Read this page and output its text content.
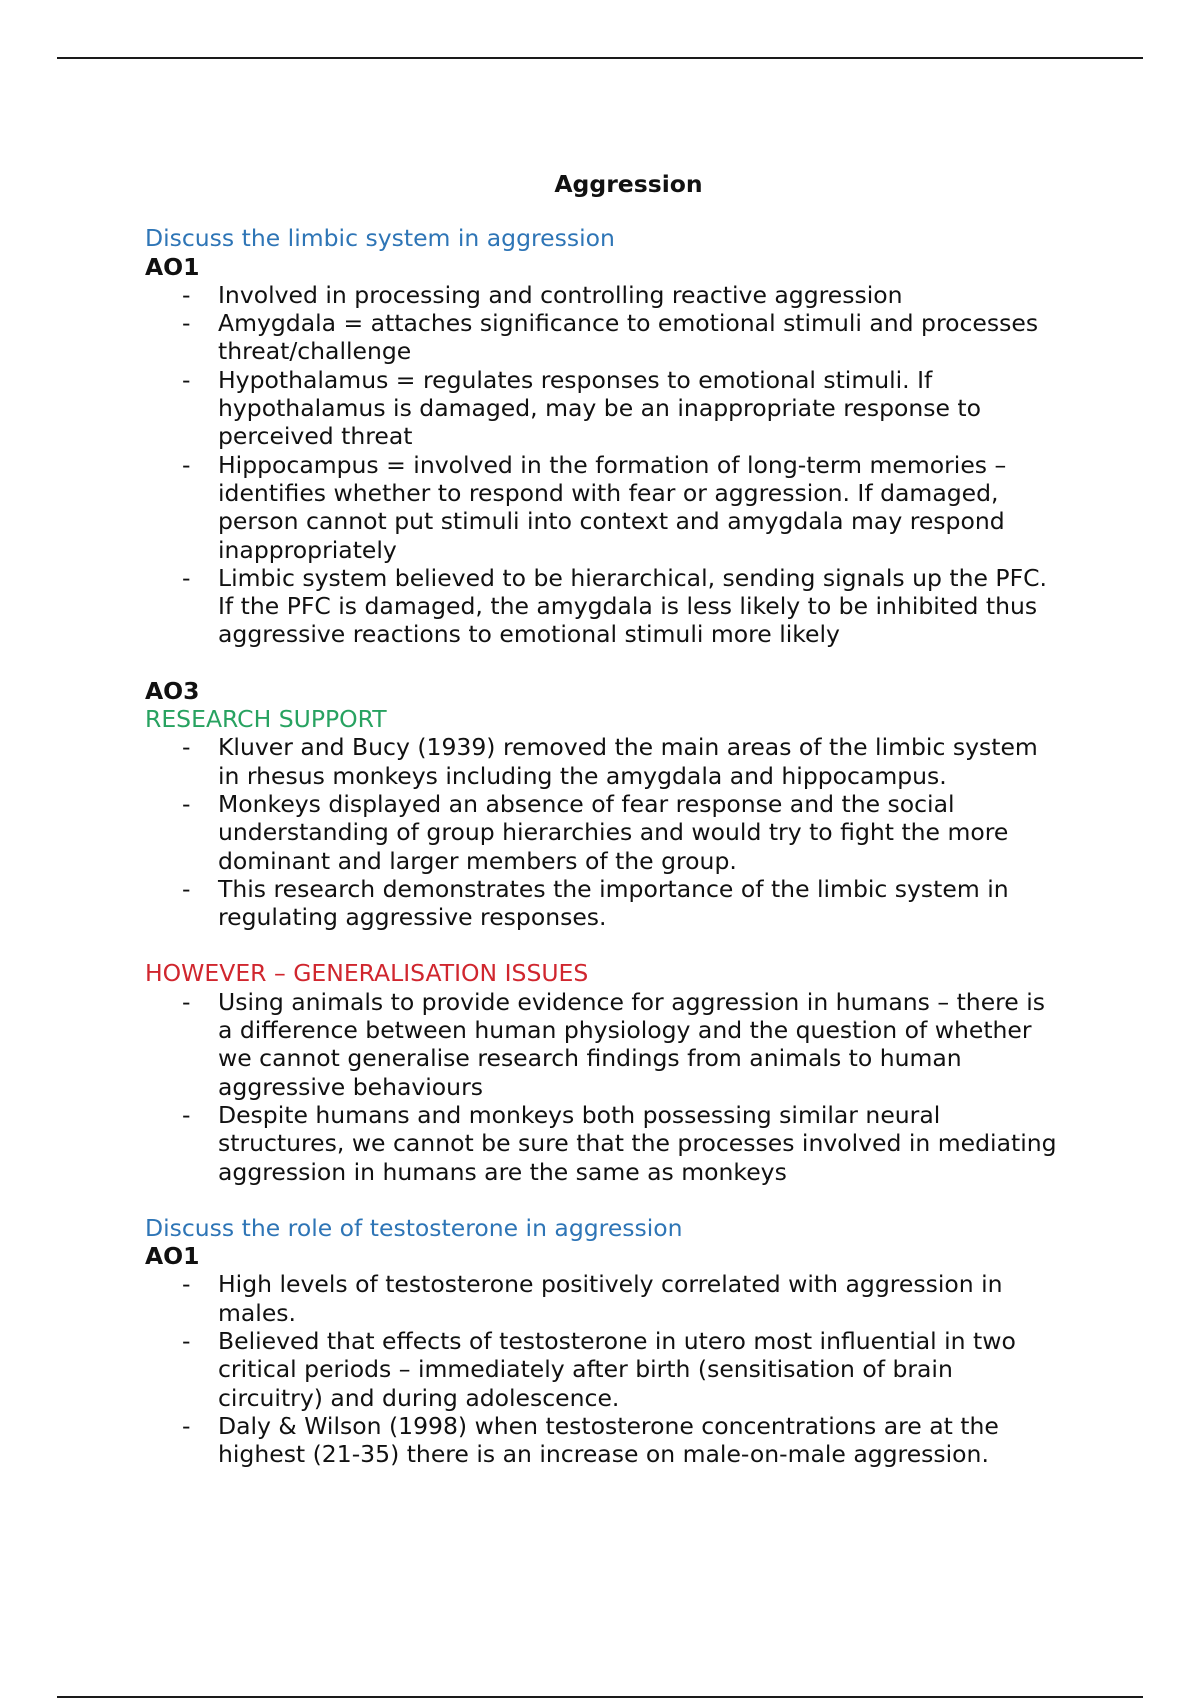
Aggression

Discuss the limbic system in aggression

AO1

- Involved in processing and controlling reactive aggression
- Amygdala = attaches significance to emotional stimuli and processes threat/challenge
- Hypothalamus = regulates responses to emotional stimuli. If hypothalamus is damaged, may be an inappropriate response to perceived threat
- Hippocampus = involved in the formation of long-term memories – identifies whether to respond with fear or aggression. If damaged, person cannot put stimuli into context and amygdala may respond inappropriately
- Limbic system believed to be hierarchical, sending signals up the PFC. If the PFC is damaged, the amygdala is less likely to be inhibited thus aggressive reactions to emotional stimuli more likely

AO3

RESEARCH SUPPORT

- Kluver and Bucy (1939) removed the main areas of the limbic system in rhesus monkeys including the amygdala and hippocampus.
- Monkeys displayed an absence of fear response and the social understanding of group hierarchies and would try to fight the more dominant and larger members of the group.
- This research demonstrates the importance of the limbic system in regulating aggressive responses.

HOWEVER – GENERALISATION ISSUES

- Using animals to provide evidence for aggression in humans – there is a difference between human physiology and the question of whether we cannot generalise research findings from animals to human aggressive behaviours
- Despite humans and monkeys both possessing similar neural structures, we cannot be sure that the processes involved in mediating aggression in humans are the same as monkeys

Discuss the role of testosterone in aggression

AO1

- High levels of testosterone positively correlated with aggression in males.
- Believed that effects of testosterone in utero most influential in two critical periods – immediately after birth (sensitisation of brain circuitry) and during adolescence.
- Daly & Wilson (1998) when testosterone concentrations are at the highest (21-35) there is an increase on male-on-male aggression.
